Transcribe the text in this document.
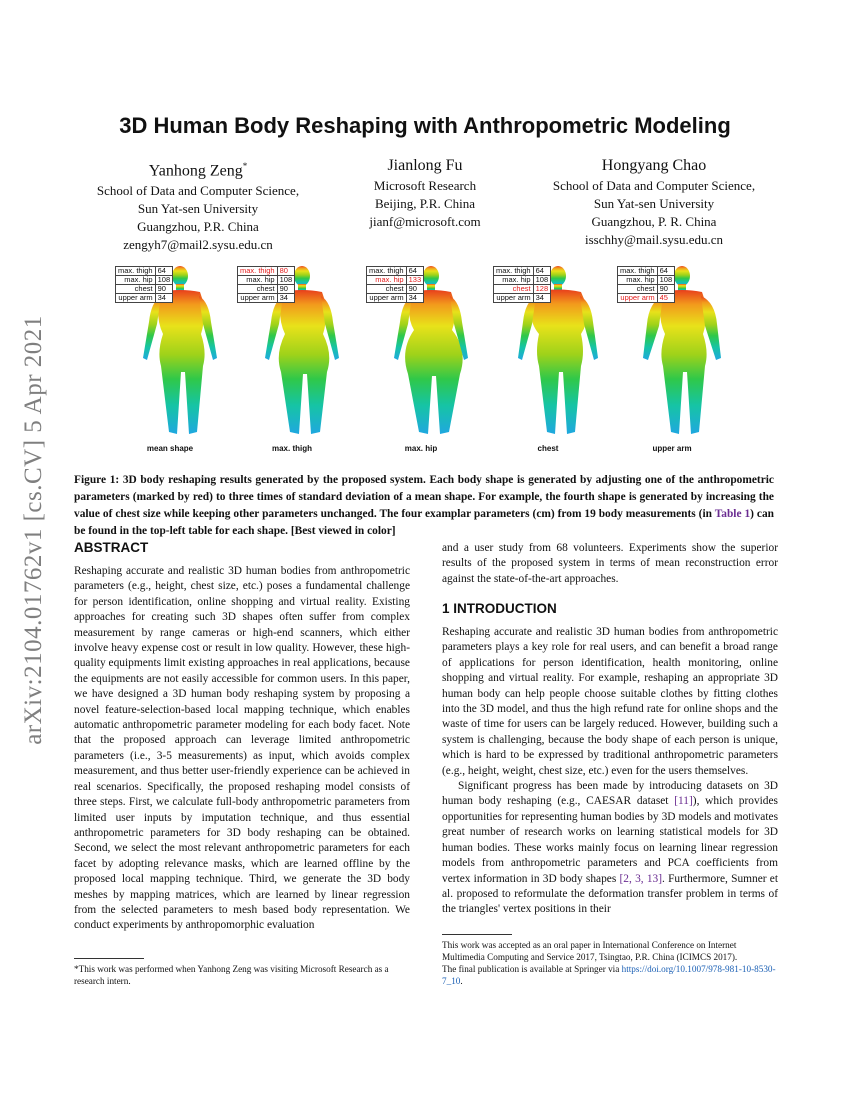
arXiv:2104.01762v1 [cs.CV] 5 Apr 2021
3D Human Body Reshaping with Anthropometric Modeling
Yanhong Zeng*
School of Data and Computer Science,
Sun Yat-sen University
Guangzhou, P.R. China
zengyh7@mail2.sysu.edu.cn
Jianlong Fu
Microsoft Research
Beijing, P.R. China
jianf@microsoft.com
Hongyang Chao
School of Data and Computer Science,
Sun Yat-sen University
Guangzhou, P. R. China
isschhy@mail.sysu.edu.cn
max. thigh	64
max. hip	108
chest	90
upper arm	34
mean shape
max. thigh	80
max. hip	108
chest	90
upper arm	34
max. thigh
max. thigh	64
max. hip	133
chest	90
upper arm	34
max. hip
max. thigh	64
max. hip	108
chest	128
upper arm	34
chest
max. thigh	64
max. hip	108
chest	90
upper arm	45
upper arm
Figure 1: 3D body reshaping results generated by the proposed system. Each body shape is generated by adjusting one of the anthropometric parameters (marked by red) to three times of standard deviation of a mean shape. For example, the fourth shape is generated by increasing the value of chest size while keeping other parameters unchanged. The four examplar parameters (cm) from 19 body measurements (in Table 1) can be found in the top-left table for each shape. [Best viewed in color]
ABSTRACT

Reshaping accurate and realistic 3D human bodies from anthropometric parameters (e.g., height, chest size, etc.) poses a fundamental challenge for person identification, online shopping and virtual reality. Existing approaches for creating such 3D shapes often suffer from complex measurement by range cameras or high-end scanners, which either involve heavy expense cost or result in low quality. However, these high-quality equipments limit existing approaches in real applications, because the equipments are not easily accessible for common users. In this paper, we have designed a 3D human body reshaping system by proposing a novel feature-selection-based local mapping technique, which enables automatic anthropometric parameter modeling for each body facet. Note that the proposed approach can leverage limited anthropometric parameters (i.e., 3-5 measurements) as input, which avoids complex measurement, and thus better user-friendly experience can be achieved in real scenarios. Specifically, the proposed reshaping model consists of three steps. First, we calculate full-body anthropometric parameters from limited user inputs by imputation technique, and thus essential anthropometric parameters for 3D body reshaping can be obtained. Second, we select the most relevant anthropometric parameters for each facet by adopting relevance masks, which are learned offline by the proposed local mapping technique. Third, we generate the 3D body meshes by mapping matrices, which are learned by linear regression from the selected parameters to mesh based body representation. We conduct experiments by anthropomorphic evaluation

and a user study from 68 volunteers. Experiments show the superior results of the proposed system in terms of mean reconstruction error against the state-of-the-art approaches.

1 INTRODUCTION

Reshaping accurate and realistic 3D human bodies from anthropometric parameters plays a key role for real users, and can benefit a broad range of applications for person identification, health monitoring, online shopping and virtual reality. For example, reshaping an appropriate 3D human body can help people choose suitable clothes by fitting clothes into the 3D model, and thus the high refund rate for online shops and the waste of time for users can be largely reduced. However, building such a system is challenging, because the body shape of each person is unique, which is hard to be expressed by traditional anthropometric parameters (e.g., height, weight, chest size, etc.) even for the users themselves.

Significant progress has been made by introducing datasets on 3D human body reshaping (e.g., CAESAR dataset [11]), which provides opportunities for representing human bodies by 3D models and motivates great number of research works on learning statistical models for 3D human bodies. These works mainly focus on learning linear regression models from anthropometric parameters and PCA coefficients from vertex information in 3D body shapes [2, 3, 13]. Furthermore, Sumner et al. proposed to reformulate the deformation transfer problem in terms of the triangles' vertex positions in their

*This work was performed when Yanhong Zeng was visiting Microsoft Research as a research intern.
This work was accepted as an oral paper in International Conference on Internet Multimedia Computing and Service 2017, Tsingtao, P.R. China (ICIMCS 2017).
The final publication is available at Springer via https://doi.org/10.1007/978-981-10-8530-7_10.
